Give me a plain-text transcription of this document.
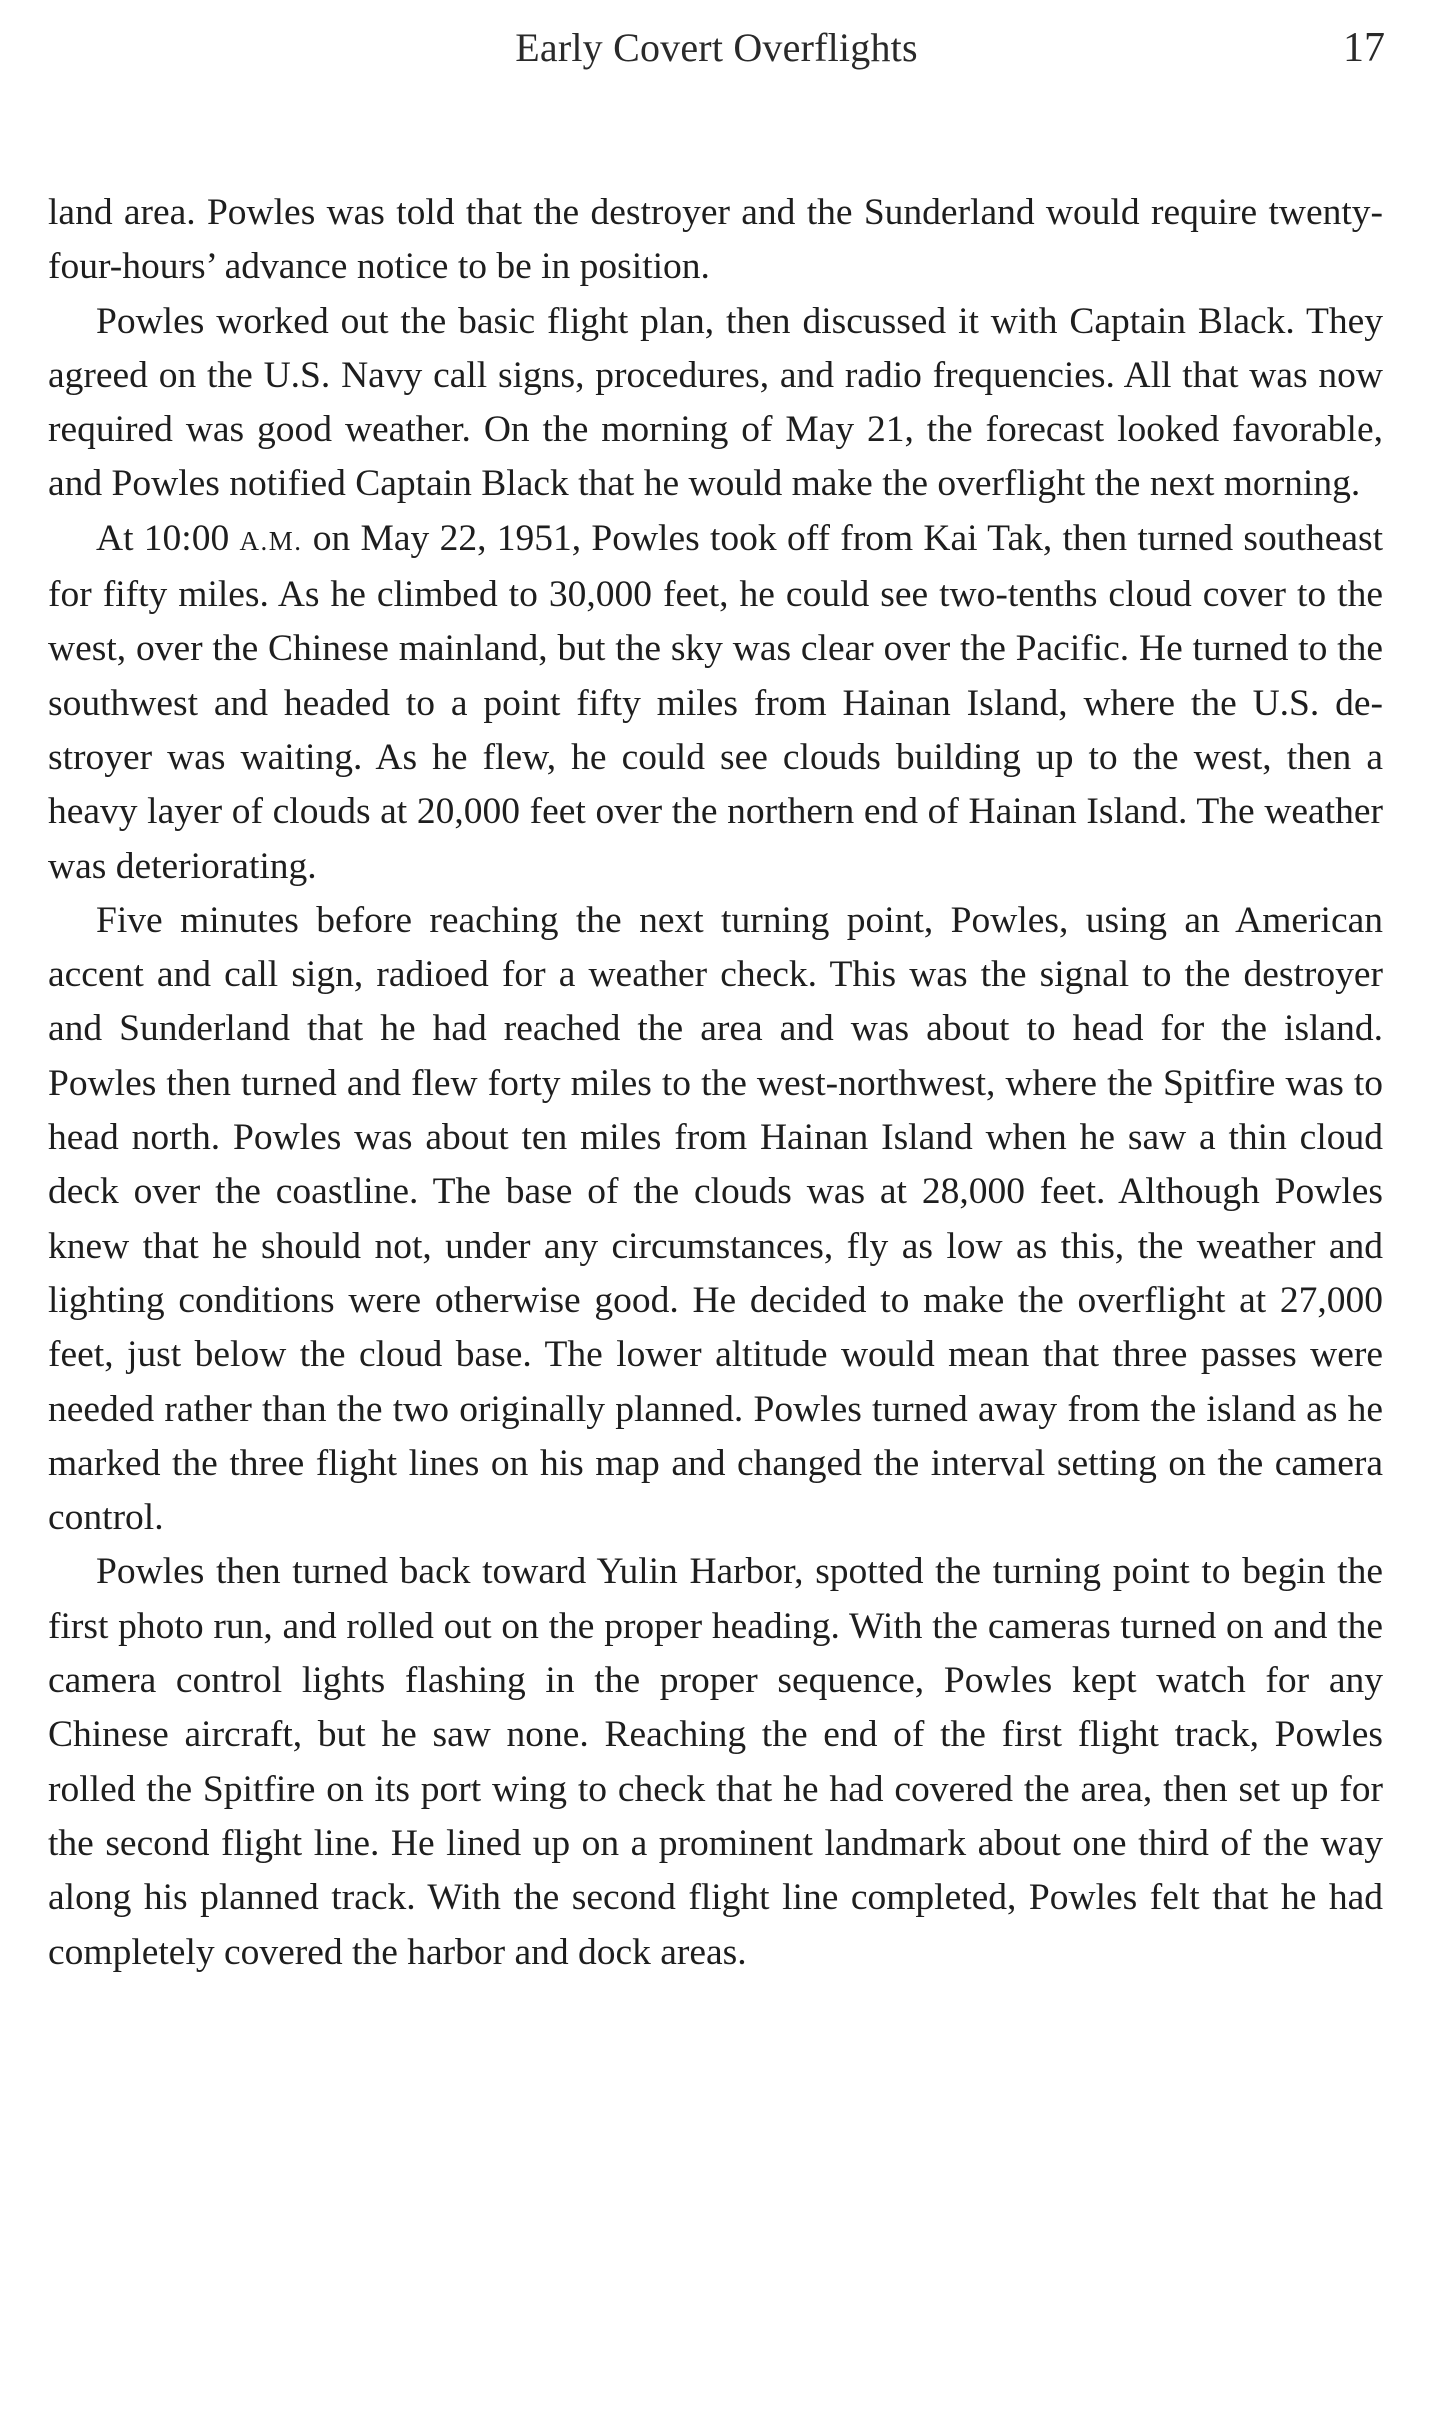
Early Covert Overflights	17

land area. Powles was told that the destroyer and the Sunderland would require twenty-four-hours’ advance notice to be in position.

Powles worked out the basic flight plan, then discussed it with Captain Black. They agreed on the U.S. Navy call signs, procedures, and radio frequencies. All that was now required was good weather. On the morning of May 21, the forecast looked favorable, and Powles notified Captain Black that he would make the overflight the next morning.

At 10:00 A.M. on May 22, 1951, Powles took off from Kai Tak, then turned southeast for fifty miles. As he climbed to 30,000 feet, he could see two-tenths cloud cover to the west, over the Chinese mainland, but the sky was clear over the Pacific. He turned to the southwest and headed to a point fifty miles from Hainan Island, where the U.S. destroyer was waiting. As he flew, he could see clouds building up to the west, then a heavy layer of clouds at 20,000 feet over the northern end of Hainan Island. The weather was deteriorating.

Five minutes before reaching the next turning point, Powles, using an American accent and call sign, radioed for a weather check. This was the signal to the destroyer and Sunderland that he had reached the area and was about to head for the island. Powles then turned and flew forty miles to the west-northwest, where the Spitfire was to head north. Powles was about ten miles from Hainan Island when he saw a thin cloud deck over the coastline. The base of the clouds was at 28,000 feet. Although Powles knew that he should not, under any circumstances, fly as low as this, the weather and lighting conditions were otherwise good. He decided to make the overflight at 27,000 feet, just below the cloud base. The lower altitude would mean that three passes were needed rather than the two originally planned. Powles turned away from the island as he marked the three flight lines on his map and changed the interval setting on the camera control.

Powles then turned back toward Yulin Harbor, spotted the turning point to begin the first photo run, and rolled out on the proper heading. With the cameras turned on and the camera control lights flashing in the proper sequence, Powles kept watch for any Chinese aircraft, but he saw none. Reaching the end of the first flight track, Powles rolled the Spitfire on its port wing to check that he had covered the area, then set up for the second flight line. He lined up on a prominent landmark about one third of the way along his planned track. With the second flight line completed, Powles felt that he had completely covered the harbor and dock areas.
